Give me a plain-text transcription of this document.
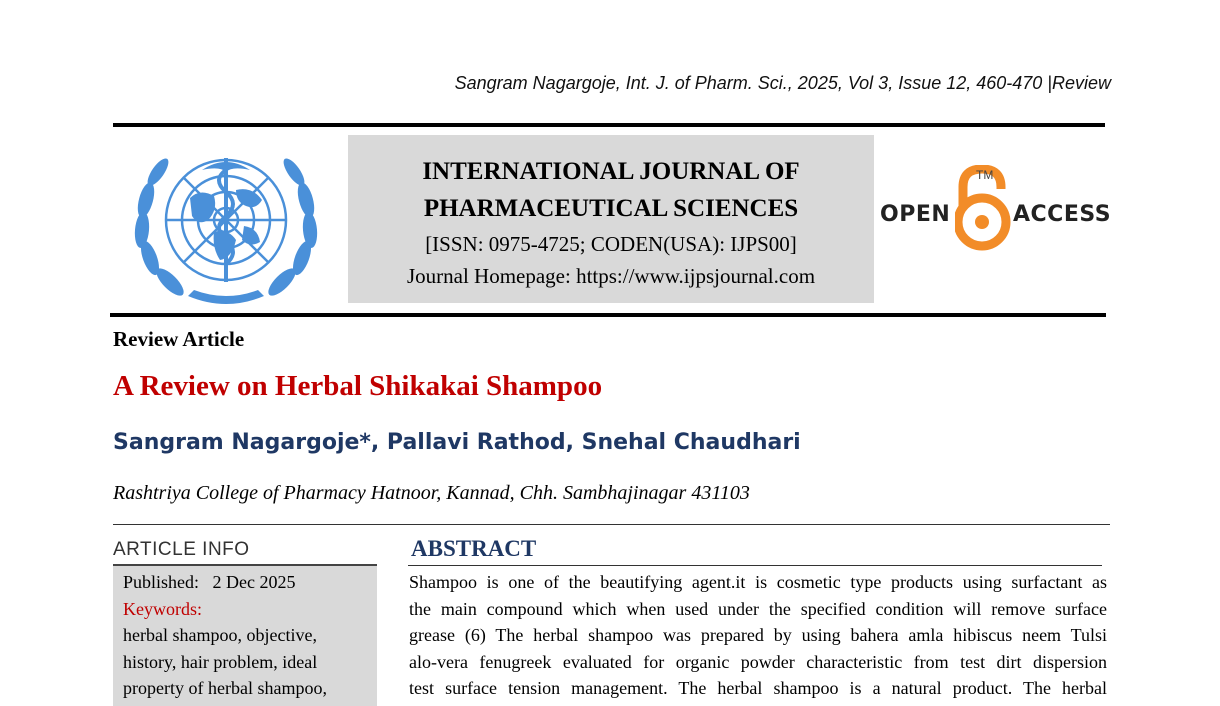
Sangram Nagargoje, Int. J. of Pharm. Sci., 2025, Vol 3, Issue 12, 460-470 |Review
INTERNATIONAL JOURNAL OF
PHARMACEUTICAL SCIENCES
[ISSN: 0975-4725; CODEN(USA): IJPS00]
Journal Homepage: https://www.ijpsjournal.com
OPEN
TM
ACCESS
Review Article
A Review on Herbal Shikakai Shampoo
Sangram Nagargoje*, Pallavi Rathod, Snehal Chaudhari
Rashtriya College of Pharmacy Hatnoor, Kannad, Chh. Sambhajinagar 431103
ARTICLE INFO
Published: 2 Dec 2025
Keywords:
herbal shampoo, objective,
history, hair problem, ideal
property of herbal shampoo,
ABSTRACT
Shampoo is one of the beautifying agent.it is cosmetic type products using surfactant as
the main compound which when used under the specified condition will remove surface
grease (6) The herbal shampoo was prepared by using bahera amla hibiscus neem Tulsi
alo-vera fenugreek evaluated for organic powder characteristic from test dirt dispersion
test surface tension management. The herbal shampoo is a natural product. The herbal
